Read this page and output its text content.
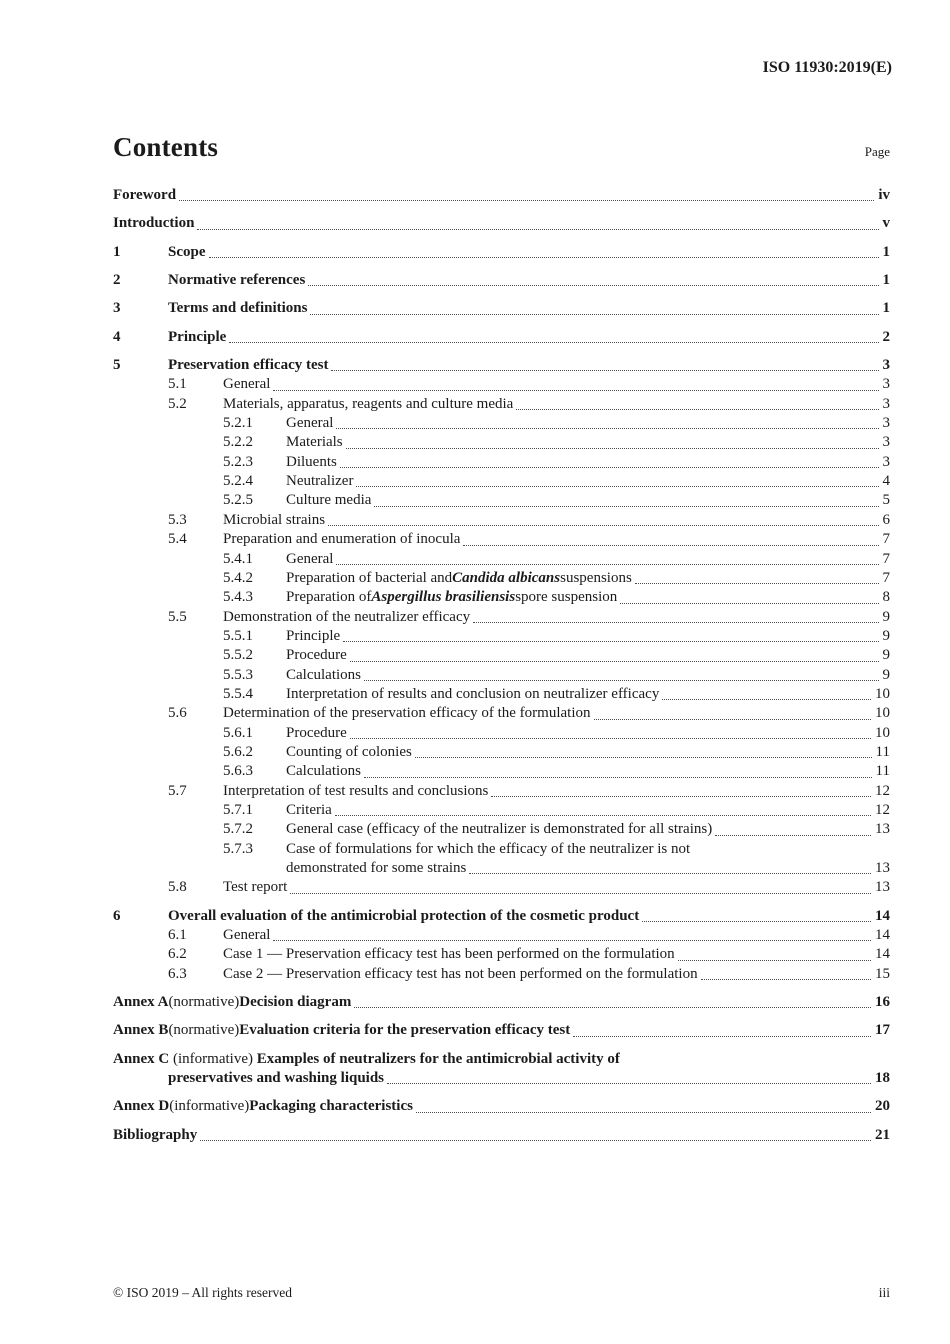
ISO 11930:2019(E)
Contents	Page
Foreword	iv
Introduction	v
1	Scope	1
2	Normative references	1
3	Terms and definitions	1
4	Principle	2
5	Preservation efficacy test	3
5.1	General	3
5.2	Materials, apparatus, reagents and culture media	3
5.2.1	General	3
5.2.2	Materials	3
5.2.3	Diluents	3
5.2.4	Neutralizer	4
5.2.5	Culture media	5
5.3	Microbial strains	6
5.4	Preparation and enumeration of inocula	7
5.4.1	General	7
5.4.2	Preparation of bacterial and Candida albicans suspensions	7
5.4.3	Preparation of Aspergillus brasiliensis spore suspension	8
5.5	Demonstration of the neutralizer efficacy	9
5.5.1	Principle	9
5.5.2	Procedure	9
5.5.3	Calculations	9
5.5.4	Interpretation of results and conclusion on neutralizer efficacy	10
5.6	Determination of the preservation efficacy of the formulation	10
5.6.1	Procedure	10
5.6.2	Counting of colonies	11
5.6.3	Calculations	11
5.7	Interpretation of test results and conclusions	12
5.7.1	Criteria	12
5.7.2	General case (efficacy of the neutralizer is demonstrated for all strains)	13
5.7.3	Case of formulations for which the efficacy of the neutralizer is not
demonstrated for some strains	13
5.8	Test report	13
6	Overall evaluation of the antimicrobial protection of the cosmetic product	14
6.1	General	14
6.2	Case 1 — Preservation efficacy test has been performed on the formulation	14
6.3	Case 2 — Preservation efficacy test has not been performed on the formulation	15
Annex A (normative) Decision diagram	16
Annex B (normative) Evaluation criteria for the preservation efficacy test	17
Annex C (informative) Examples of neutralizers for the antimicrobial activity of
preservatives and washing liquids	18
Annex D (informative) Packaging characteristics	20
Bibliography	21
© ISO 2019 – All rights reserved	iii
